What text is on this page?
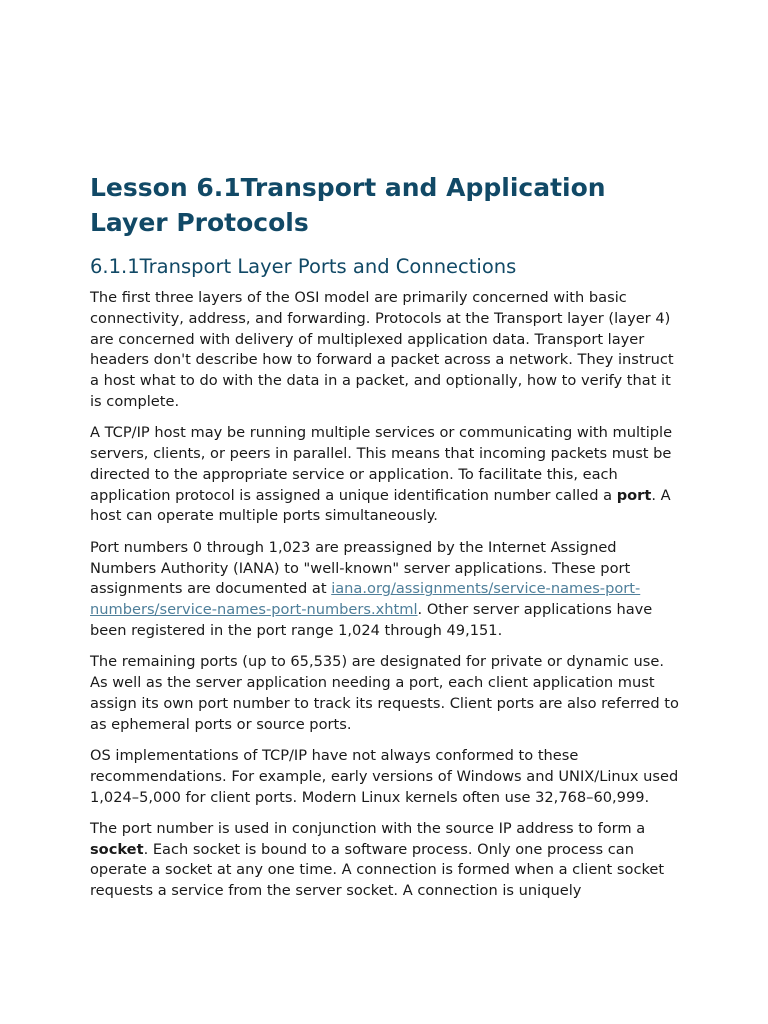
Lesson 6.1Transport and Application Layer Protocols
6.1.1Transport Layer Ports and Connections

The first three layers of the OSI model are primarily concerned with basic connectivity, address, and forwarding. Protocols at the Transport layer (layer 4) are concerned with delivery of multiplexed application data. Transport layer headers don't describe how to forward a packet across a network. They instruct a host what to do with the data in a packet, and optionally, how to verify that it is complete.

A TCP/IP host may be running multiple services or communicating with multiple servers, clients, or peers in parallel. This means that incoming packets must be directed to the appropriate service or application. To facilitate this, each application protocol is assigned a unique identification number called a port. A host can operate multiple ports simultaneously.

Port numbers 0 through 1,023 are preassigned by the Internet Assigned Numbers Authority (IANA) to "well-known" server applications. These port assignments are documented at iana.org/assignments/service-names-port-numbers/service-names-port-numbers.xhtml. Other server applications have been registered in the port range 1,024 through 49,151.

The remaining ports (up to 65,535) are designated for private or dynamic use. As well as the server application needing a port, each client application must assign its own port number to track its requests. Client ports are also referred to as ephemeral ports or source ports.

OS implementations of TCP/IP have not always conformed to these recommendations. For example, early versions of Windows and UNIX/Linux used 1,024–5,000 for client ports. Modern Linux kernels often use 32,768–60,999.

The port number is used in conjunction with the source IP address to form a socket. Each socket is bound to a software process. Only one process can operate a socket at any one time. A connection is formed when a client socket requests a service from the server socket. A connection is uniquely
